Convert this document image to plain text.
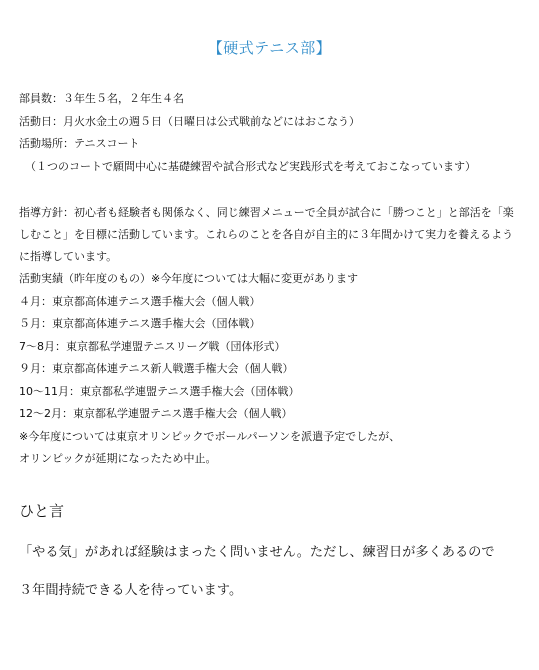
【硬式テニス部】
部員数：３年生５名，２年生４名
活動日：月火水金土の週５日（日曜日は公式戦前などにはおこなう）
活動場所：テニスコート
（１つのコートで願問中心に基礎練習や試合形式など実践形式を考えておこなっています）
指導方針：初心者も経験者も関係なく、同じ練習メニューで全員が試合に「勝つこと」と部活を「楽しむこと」を目標に活動しています。これらのことを各自が自主的に３年間かけて実力を養えるように指導しています。
活動実績（昨年度のもの）※今年度については大幅に変更があります
４月：東京都高体連テニス選手権大会（個人戦）
５月：東京都高体連テニス選手権大会（団体戦）
7～8月：東京都私学連盟テニスリーグ戦（団体形式）
９月：東京都高体連テニス新人戦選手権大会（個人戦）
10～11月：東京都私学連盟テニス選手権大会（団体戦）
12～2月：東京都私学連盟テニス選手権大会（個人戦）
※今年度については東京オリンピックでボールパーソンを派遣予定でしたが、
オリンピックが延期になったため中止。
ひと言
「やる気」があれば経験はまったく問いません。ただし、練習日が多くあるので
３年間持続できる人を待っています。
